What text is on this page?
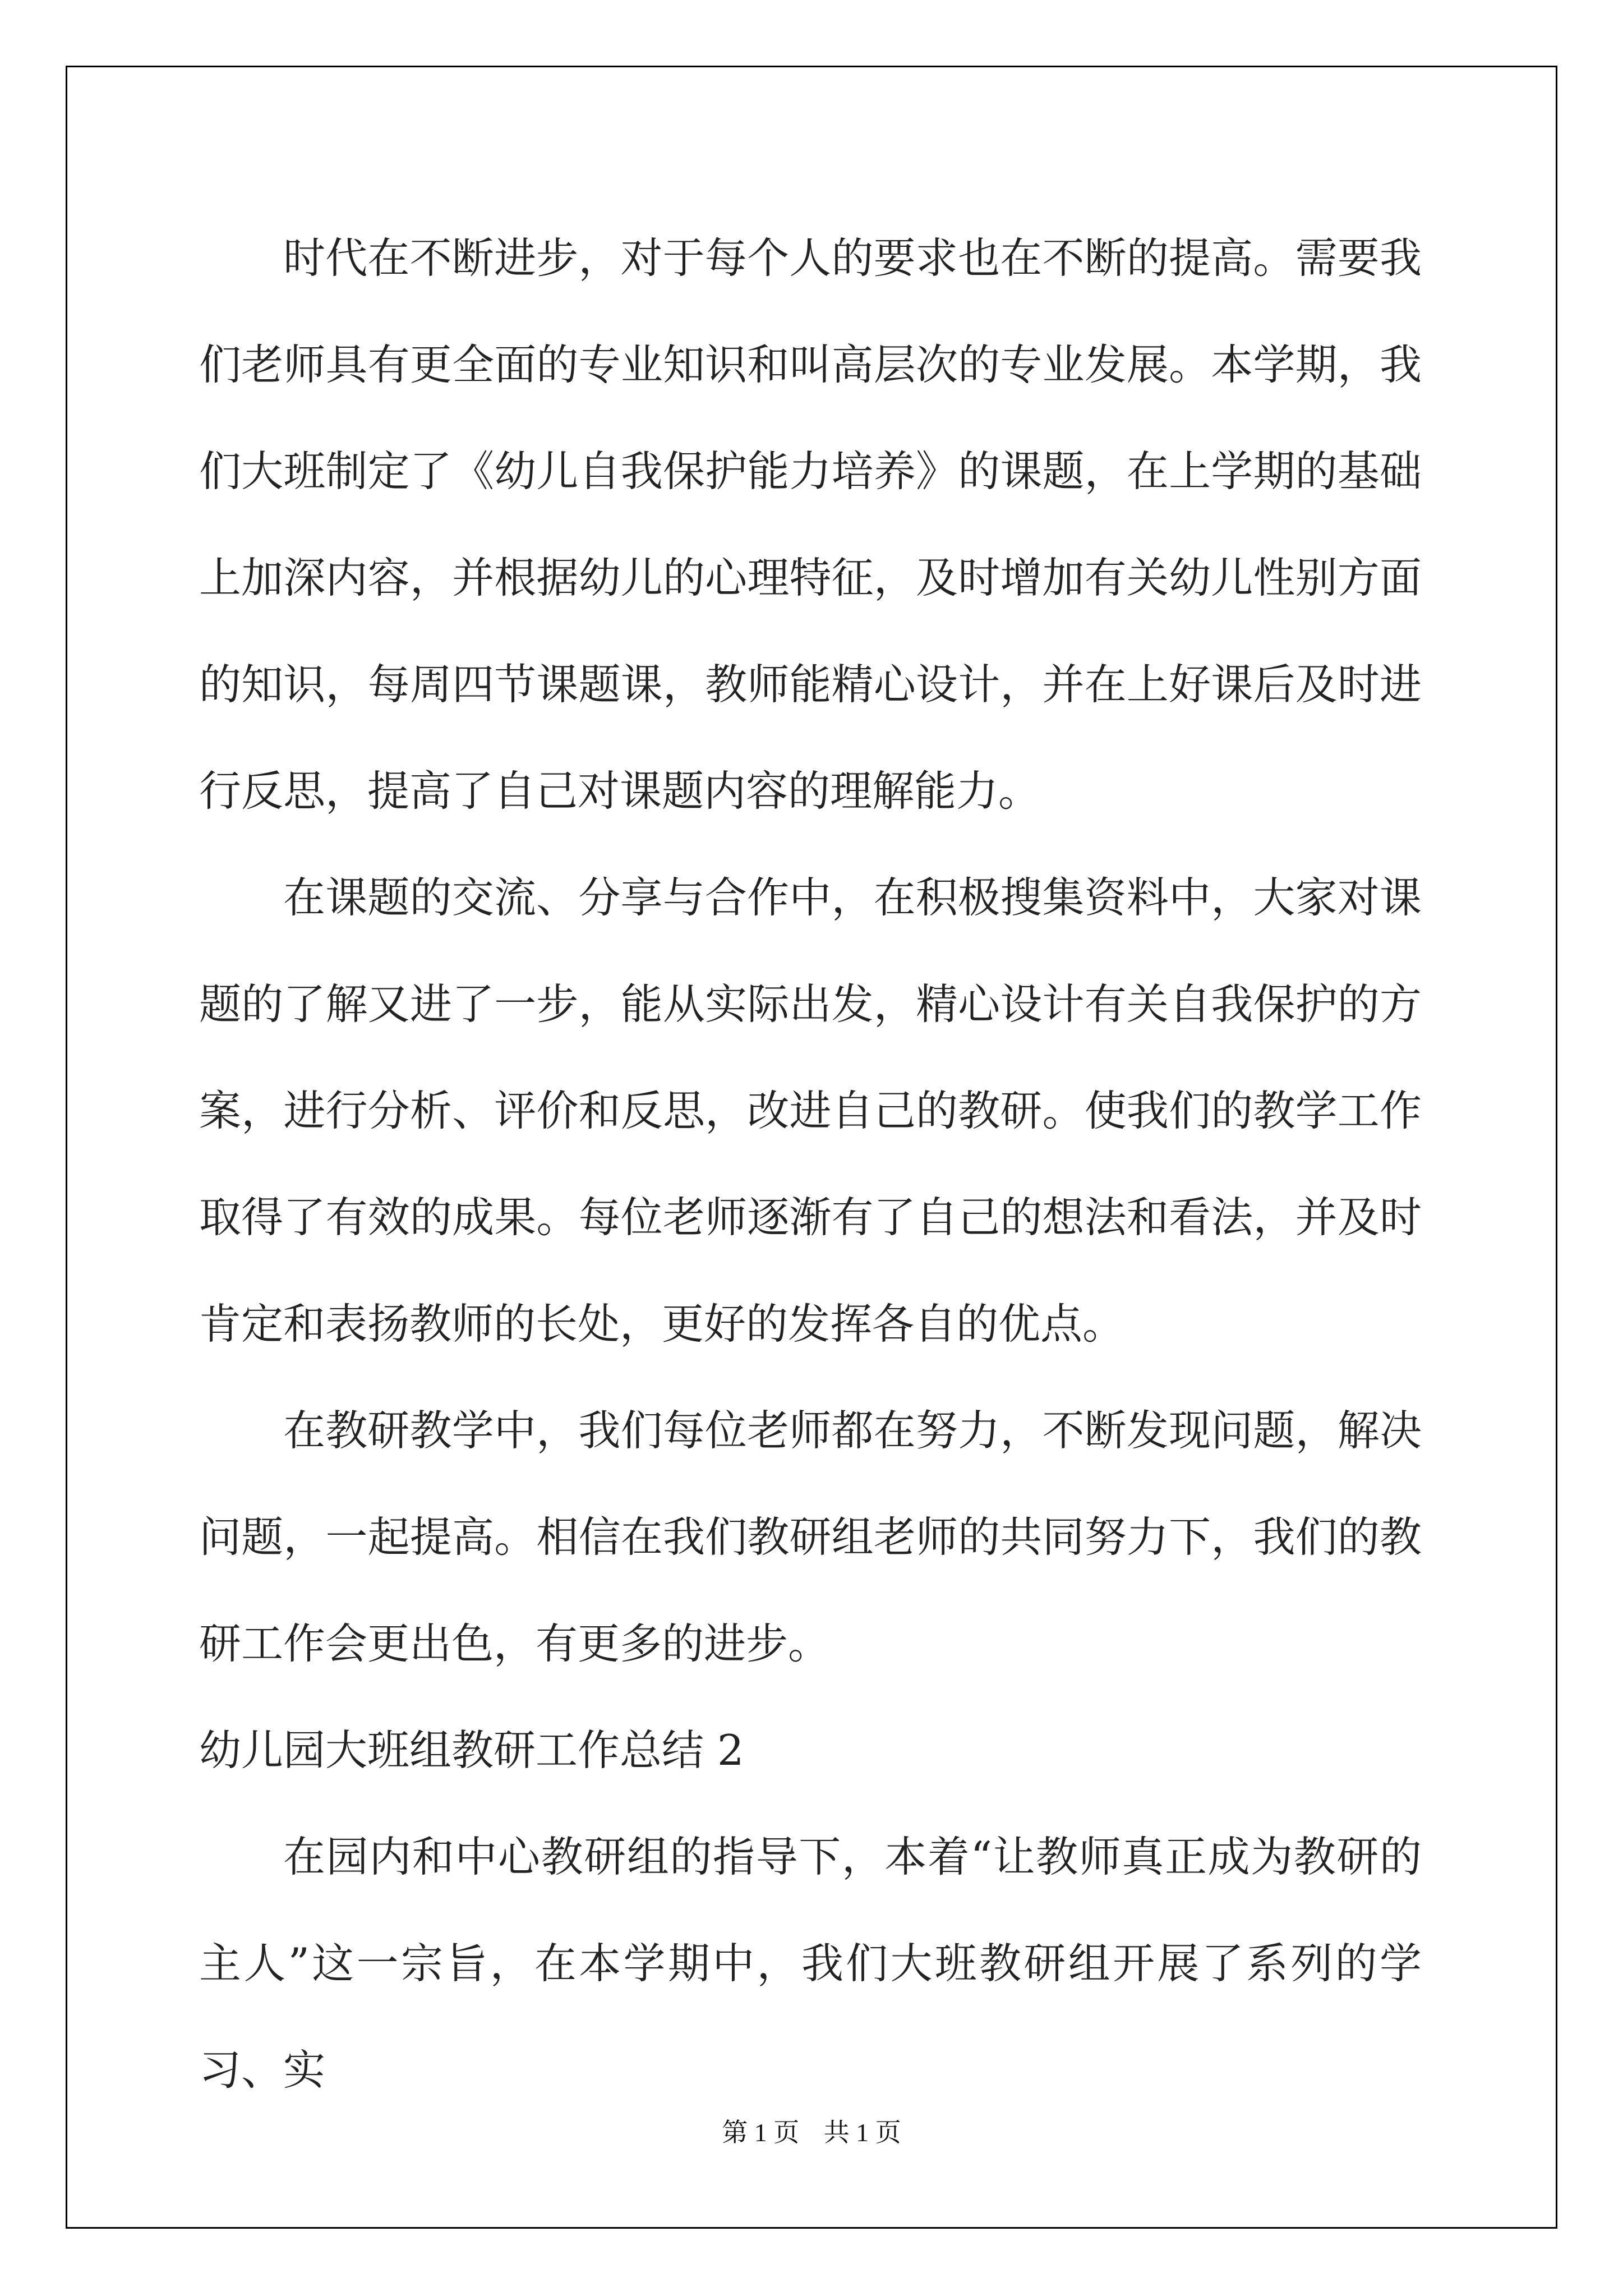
时代在不断进步，对于每个人的要求也在不断的提高。需要我们老师具有更全面的专业知识和叫高层次的专业发展。本学期，我们大班制定了《幼儿自我保护能力培养》的课题，在上学期的基础上加深内容，并根据幼儿的心理特征，及时增加有关幼儿性别方面的知识，每周四节课题课，教师能精心设计，并在上好课后及时进行反思，提高了自己对课题内容的理解能力。

在课题的交流、分享与合作中，在积极搜集资料中，大家对课题的了解又进了一步，能从实际出发，精心设计有关自我保护的方案，进行分析、评价和反思，改进自己的教研。使我们的教学工作取得了有效的成果。每位老师逐渐有了自己的想法和看法，并及时肯定和表扬教师的长处，更好的发挥各自的优点。

在教研教学中，我们每位老师都在努力，不断发现问题，解决问题，一起提高。相信在我们教研组老师的共同努力下，我们的教研工作会更出色，有更多的进步。

幼儿园大班组教研工作总结 2

在园内和中心教研组的指导下，本着“让教师真正成为教研的主人”这一宗旨，在本学期中，我们大班教研组开展了系列的学习、实

第 1 页 共 1 页
